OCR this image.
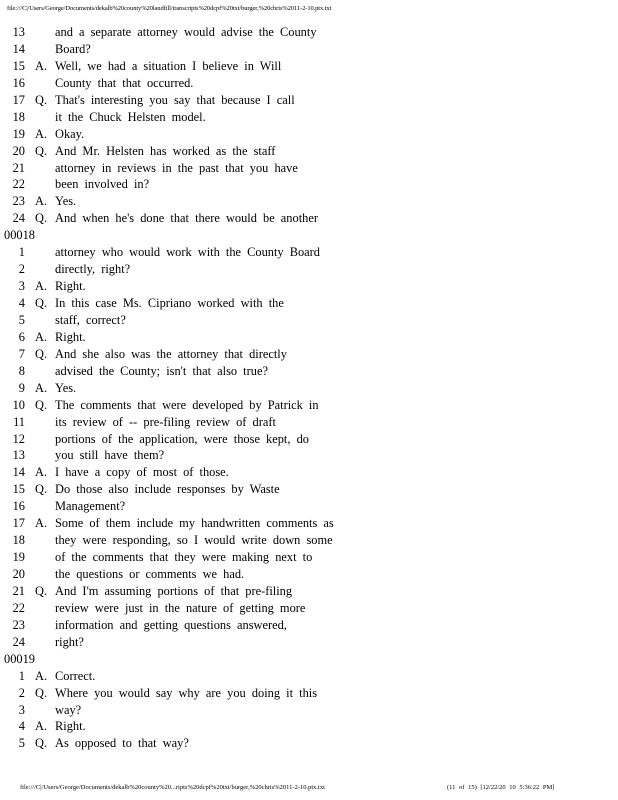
file:///C|/Users/George/Documents/dekalb%20county%20landfill/transcripts%20dcpf%20txt/burger,%20chris%2011-2-10.ptx.txt
13 and a separate attorney would advise the County
14 Board?
15 A. Well, we had a situation I believe in Will
16 County that that occurred.
17 Q. That's interesting you say that because I call
18 it the Chuck Helsten model.
19 A. Okay.
20 Q. And Mr. Helsten has worked as the staff
21 attorney in reviews in the past that you have
22 been involved in?
23 A. Yes.
24 Q. And when he's done that there would be another
00018
1 attorney who would work with the County Board
2 directly, right?
3 A. Right.
4 Q. In this case Ms. Cipriano worked with the
5 staff, correct?
6 A. Right.
7 Q. And she also was the attorney that directly
8 advised the County; isn't that also true?
9 A. Yes.
10 Q. The comments that were developed by Patrick in
11 its review of -- pre-filing review of draft
12 portions of the application, were those kept, do
13 you still have them?
14 A. I have a copy of most of those.
15 Q. Do those also include responses by Waste
16 Management?
17 A. Some of them include my handwritten comments as
18 they were responding, so I would write down some
19 of the comments that they were making next to
20 the questions or comments we had.
21 Q. And I'm assuming portions of that pre-filing
22 review were just in the nature of getting more
23 information and getting questions answered,
24 right?
00019
1 A. Correct.
2 Q. Where you would say why are you doing it this
3 way?
4 A. Right.
5 Q. As opposed to that way?
file:///C|/Users/George/Documents/dekalb%20county%20...ripts%20dcpf%20txt/burger,%20chris%2011-2-10.ptx.txt	(11 of 15) [12/22/20 10 5:36:22 PM]
